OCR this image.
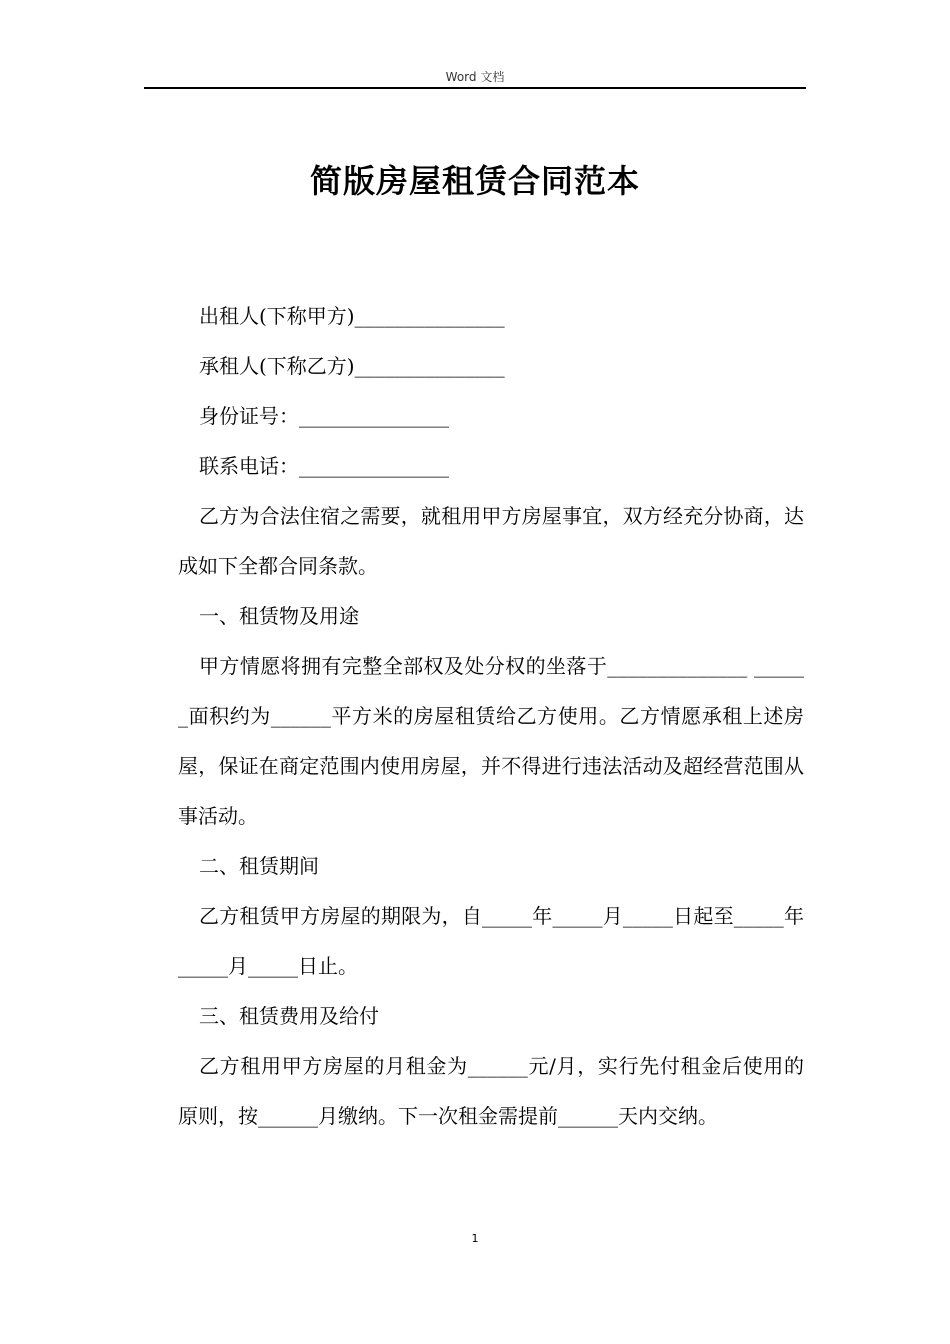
Word 文档
简版房屋租赁合同范本

出租人(下称甲方)_______________

承租人(下称乙方)_______________

身份证号：_______________

联系电话：_______________

乙方为合法住宿之需要，就租用甲方房屋事宜，双方经充分协商，达成如下全都合同条款。

一、租赁物及用途

甲方情愿将拥有完整全部权及处分权的坐落于______________ ______面积约为______平方米的房屋租赁给乙方使用。乙方情愿承租上述房屋，保证在商定范围内使用房屋，并不得进行违法活动及超经营范围从事活动。

二、租赁期间

乙方租赁甲方房屋的期限为，自_____年_____月_____日起至_____年_____月_____日止。

三、租赁费用及给付

乙方租用甲方房屋的月租金为______元/月，实行先付租金后使用的原则，按______月缴纳。下一次租金需提前______天内交纳。

1
